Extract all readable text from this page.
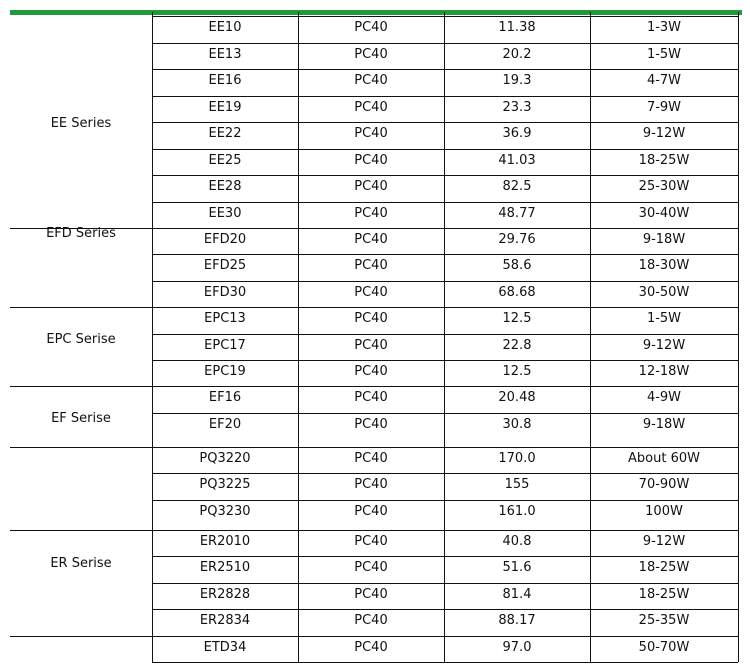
EE Series
EE10	PC40	11.38	1-3W
EE13	PC40	20.2	1-5W
EE16	PC40	19.3	4-7W
EE19	PC40	23.3	7-9W
EE22	PC40	36.9	9-12W
EE25	PC40	41.03	18-25W
EE28	PC40	82.5	25-30W
EE30	PC40	48.77	30-40W
EFD Series	EFD20	PC40	29.76	9-18W
EFD25	PC40	58.6	18-30W
EFD30	PC40	68.68	30-50W
EPC Serise
EPC13	PC40	12.5	1-5W
EPC17	PC40	22.8	9-12W
EPC19	PC40	12.5	12-18W
EF Serise
EF16	PC40	20.48	4-9W
EF20	PC40	30.8	9-18W
PQ3220	PC40	170.0	About 60W
PQ3225	PC40	155	70-90W
PQ3230	PC40	161.0	100W
ER Serise
ER2010	PC40	40.8	9-12W
ER2510	PC40	51.6	18-25W
ER2828	PC40	81.4	18-25W
ER2834	PC40	88.17	25-35W
ETD34	PC40	97.0	50-70W
